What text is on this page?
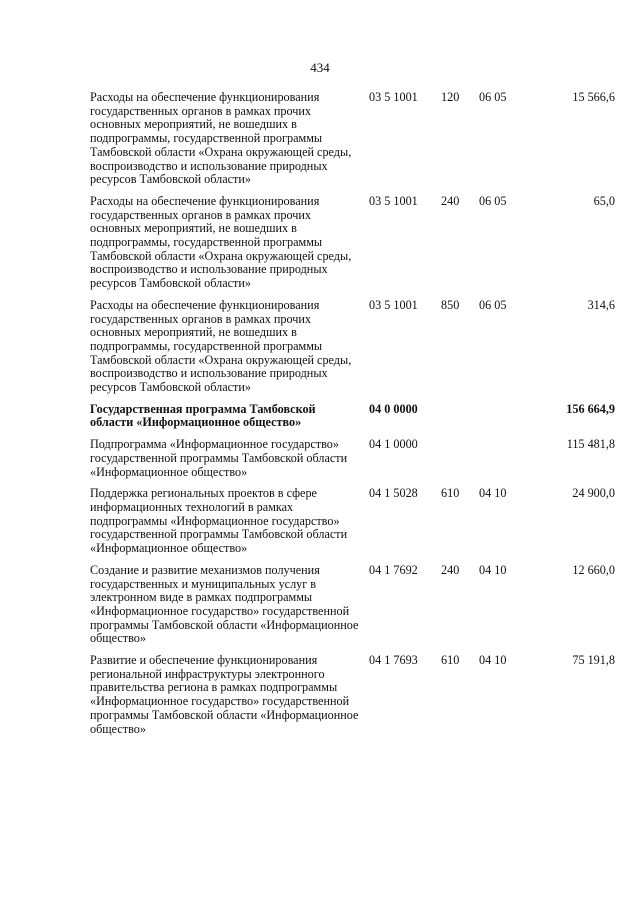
434
Расходы на обеспечение функционирования государственных органов в рамках прочих основных мероприятий, не вошедших в подпрограммы, государственной программы Тамбовской области «Охрана окружающей среды, воспроизводство и использование природных ресурсов Тамбовской области»	03 5 1001	120	06 05	15 566,6
Расходы на обеспечение функционирования государственных органов в рамках прочих основных мероприятий, не вошедших в подпрограммы, государственной программы Тамбовской области «Охрана окружающей среды, воспроизводство и использование природных ресурсов Тамбовской области»	03 5 1001	240	06 05	65,0
Расходы на обеспечение функционирования государственных органов в рамках прочих основных мероприятий, не вошедших в подпрограммы, государственной программы Тамбовской области «Охрана окружающей среды, воспроизводство и использование природных ресурсов Тамбовской области»	03 5 1001	850	06 05	314,6
Государственная программа Тамбовской области «Информационное общество»	04 0 0000			156 664,9
Подпрограмма «Информационное государство» государственной программы Тамбовской области «Информационное общество»	04 1 0000			115 481,8
Поддержка региональных проектов в сфере информационных технологий в рамках подпрограммы «Информационное государство» государственной программы Тамбовской области «Информационное общество»	04 1 5028	610	04 10	24 900,0
Создание и развитие механизмов получения государственных и муниципальных услуг в электронном виде в рамках подпрограммы «Информационное государство» государственной программы Тамбовской области «Информационное общество»	04 1 7692	240	04 10	12 660,0
Развитие и обеспечение функционирования региональной инфраструктуры электронного правительства региона в рамках подпрограммы «Информационное государство» государственной программы Тамбовской области «Информационное общество»	04 1 7693	610	04 10	75 191,8
